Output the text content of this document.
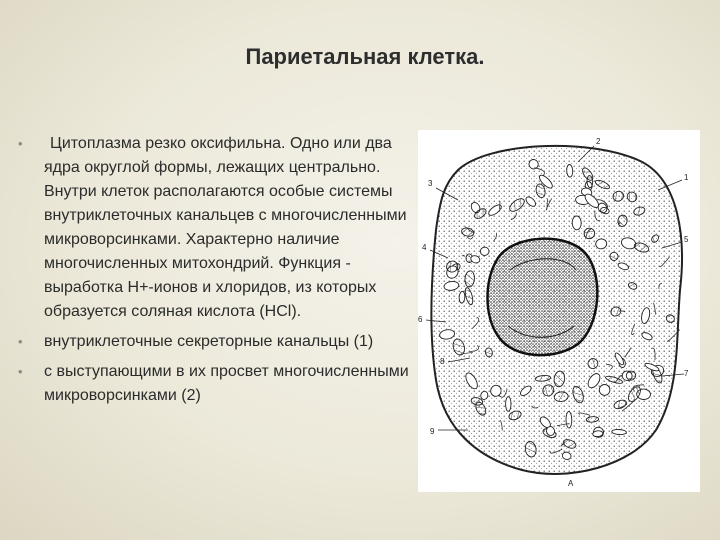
Париетальная клетка.
•	Цитоплазма резко оксифильна. Одно или два ядра округлой формы, лежащих центрально. Внутри клеток располагаются особые системы внутриклеточных канальцев с многочисленными микроворсинками. Характерно наличие многочисленных митохондрий. Функция - выработка Н+-ионов и хлоридов, из которых образуется соляная кислота (HCl).
• внутриклеточные секреторные канальцы (1)
• с выступающими в их просвет многочисленными микроворсинками (2)
2
3
1
4
5
6
7
8
9
А
